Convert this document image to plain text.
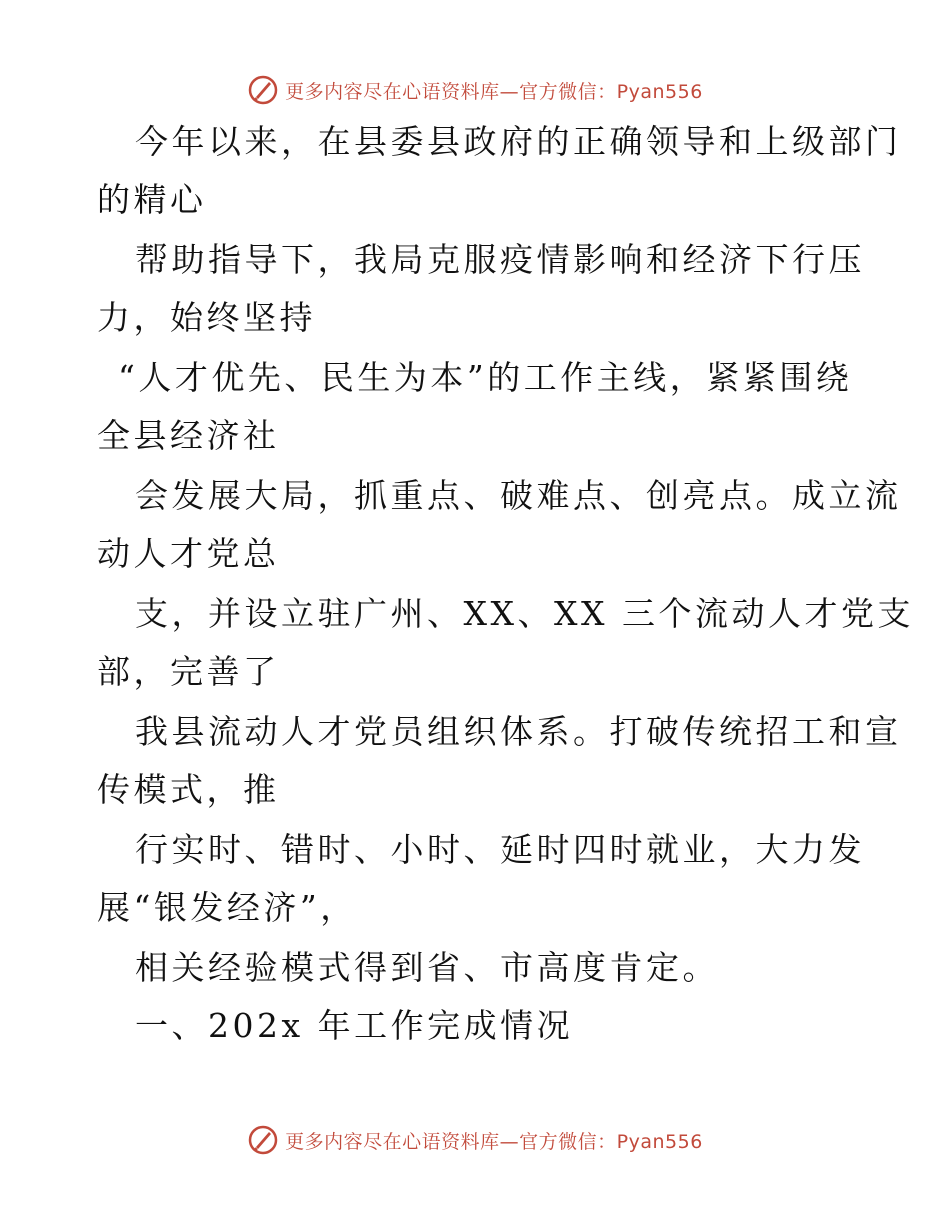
更多内容尽在心语资料库—官方微信：Pyan556
今年以来，在县委县政府的正确领导和上级部门
的精心
帮助指导下，我局克服疫情影响和经济下行压
力，始终坚持
“人才优先、民生为本”的工作主线，紧紧围绕
全县经济社
会发展大局，抓重点、破难点、创亮点。成立流
动人才党总
支，并设立驻广州、XX、XX 三个流动人才党支
部，完善了
我县流动人才党员组织体系。打破传统招工和宣
传模式，推
行实时、错时、小时、延时四时就业，大力发
展“银发经济”，
相关经验模式得到省、市高度肯定。
一、202x 年工作完成情况
更多内容尽在心语资料库—官方微信：Pyan556
